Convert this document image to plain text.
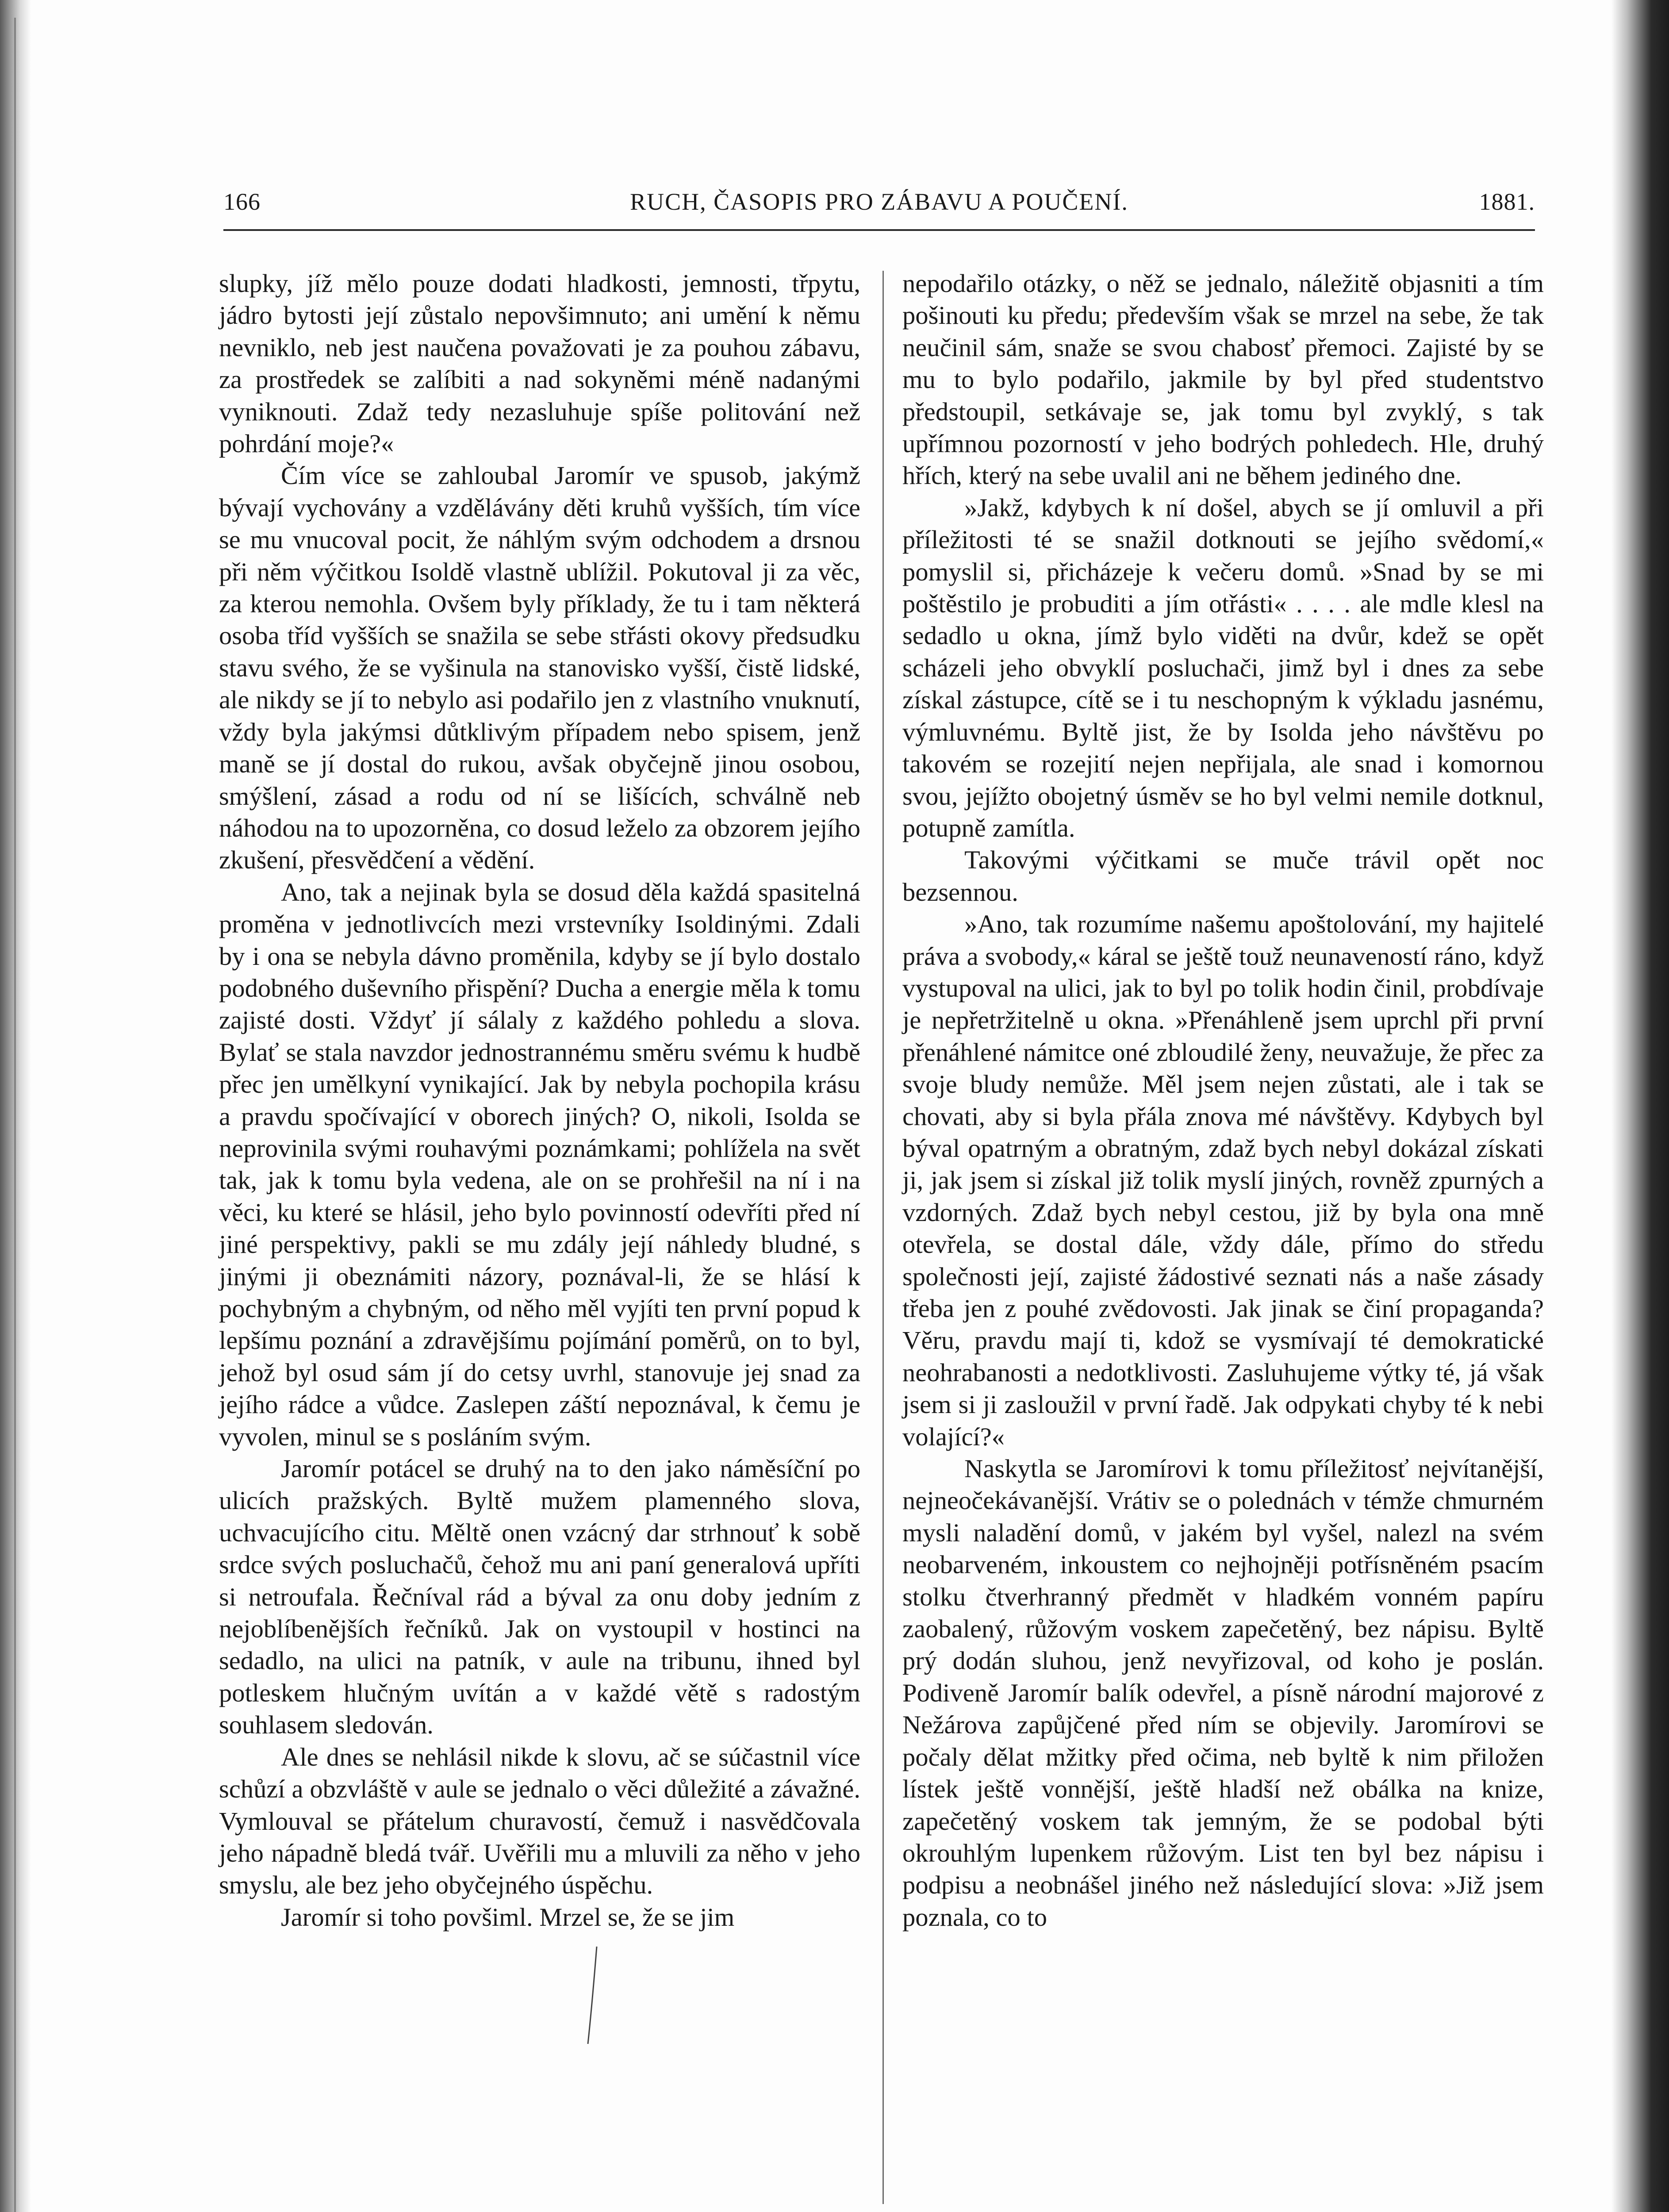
166	RUCH, ČASOPIS PRO ZÁBAVU A POUČENÍ.	1881.

slupky, jíž mělo pouze dodati hladkosti, jemnosti, třpytu, jádro bytosti její zůstalo nepovšimnuto; ani umění k němu nevniklo, neb jest naučena považovati je za pouhou zábavu, za prostředek se zalíbiti a nad sokyněmi méně nadanými vyniknouti. Zdaž tedy nezasluhuje spíše politování než pohrdání moje?«

Čím více se zahloubal Jaromír ve spusob, jakýmž bývají vychovány a vzdělávány děti kruhů vyšších, tím více se mu vnucoval pocit, že náhlým svým odchodem a drsnou při něm výčitkou Isoldě vlastně ublížil. Pokutoval ji za věc, za kterou nemohla. Ovšem byly příklady, že tu i tam některá osoba tříd vyšších se snažila se sebe střásti okovy předsudku stavu svého, že se vyšinula na stanovisko vyšší, čistě lidské, ale nikdy se jí to nebylo asi podařilo jen z vlastního vnuknutí, vždy byla jakýmsi důtklivým případem nebo spisem, jenž maně se jí dostal do rukou, avšak obyčejně jinou osobou, smýšlení, zásad a rodu od ní se lišících, schválně neb náhodou na to upozorněna, co dosud leželo za obzorem jejího zkušení, přesvědčení a vědění.

Ano, tak a nejinak byla se dosud děla každá spasitelná proměna v jednotlivcích mezi vrstevníky Isoldinými. Zdali by i ona se nebyla dávno proměnila, kdyby se jí bylo dostalo podobného duševního přispění? Ducha a energie měla k tomu zajisté dosti. Vždyť jí sálaly z každého pohledu a slova. Bylať se stala navzdor jednostrannému směru svému k hudbě přec jen umělkyní vynikající. Jak by nebyla pochopila krásu a pravdu spočívající v oborech jiných? O, nikoli, Isolda se neprovinila svými rouhavými poznámkami; pohlížela na svět tak, jak k tomu byla vedena, ale on se prohřešil na ní i na věci, ku které se hlásil, jeho bylo povinností odevříti před ní jiné perspektivy, pakli se mu zdály její náhledy bludné, s jinými ji obeznámiti názory, poznával-li, že se hlásí k pochybným a chybným, od něho měl vyjíti ten první popud k lepšímu poznání a zdravějšímu pojímání poměrů, on to byl, jehož byl osud sám jí do cetsy uvrhl, stanovuje jej snad za jejího rádce a vůdce. Zaslepen záští nepoznával, k čemu je vyvolen, minul se s posláním svým.

Jaromír potácel se druhý na to den jako náměsíční po ulicích pražských. Byltě mužem plamenného slova, uchvacujícího citu. Měltě onen vzácný dar strhnouť k sobě srdce svých posluchačů, čehož mu ani paní generalová upříti si netroufala. Řečníval rád a býval za onu doby jedním z nejoblíbenějších řečníků. Jak on vystoupil v hostinci na sedadlo, na ulici na patník, v aule na tribunu, ihned byl potleskem hlučným uvítán a v každé větě s radostým souhlasem sledován.

Ale dnes se nehlásil nikde k slovu, ač se súčastnil více schůzí a obzvláště v aule se jednalo o věci důležité a závažné. Vymlouval se přátelum churavostí, čemuž i nasvědčovala jeho nápadně bledá tvář. Uvěřili mu a mluvili za něho v jeho smyslu, ale bez jeho obyčejného úspěchu.

Jaromír si toho povšiml. Mrzel se, že se jim

nepodařilo otázky, o něž se jednalo, náležitě objasniti a tím pošinouti ku předu; především však se mrzel na sebe, že tak neučinil sám, snaže se svou chabosť přemoci. Zajisté by se mu to bylo podařilo, jakmile by byl před studentstvo předstoupil, setkávaje se, jak tomu byl zvyklý, s tak upřímnou pozorností v jeho bodrých pohledech. Hle, druhý hřích, který na sebe uvalil ani ne během jediného dne.

»Jakž, kdybych k ní došel, abych se jí omluvil a při příležitosti té se snažil dotknouti se jejího svědomí,« pomyslil si, přicházeje k večeru domů. »Snad by se mi poštěstilo je probuditi a jím otřásti« . . . . ale mdle klesl na sedadlo u okna, jímž bylo viděti na dvůr, kdež se opět scházeli jeho obvyklí posluchači, jimž byl i dnes za sebe získal zástupce, cítě se i tu neschopným k výkladu jasnému, výmluvnému. Byltě jist, že by Isolda jeho návštěvu po takovém se rozejití nejen nepřijala, ale snad i komornou svou, jejížto obojetný úsměv se ho byl velmi nemile dotknul, potupně zamítla.

Takovými výčitkami se muče trávil opět noc bezsennou.

»Ano, tak rozumíme našemu apoštolování, my hajitelé práva a svobody,« káral se ještě touž neunaveností ráno, když vystupoval na ulici, jak to byl po tolik hodin činil, probdívaje je nepřetržitelně u okna. »Přenáhleně jsem uprchl při první přenáhlené námitce oné zbloudilé ženy, neuvažuje, že přec za svoje bludy nemůže. Měl jsem nejen zůstati, ale i tak se chovati, aby si byla přála znova mé návštěvy. Kdybych byl býval opatrným a obratným, zdaž bych nebyl dokázal získati ji, jak jsem si získal již tolik myslí jiných, rovněž zpurných a vzdorných. Zdaž bych nebyl cestou, již by byla ona mně otevřela, se dostal dále, vždy dále, přímo do středu společnosti její, zajisté žádostivé seznati nás a naše zásady třeba jen z pouhé zvědovosti. Jak jinak se činí propaganda? Věru, pravdu mají ti, kdož se vysmívají té demokratické neohrabanosti a nedotklivosti. Zasluhujeme výtky té, já však jsem si ji zasloužil v první řadě. Jak odpykati chyby té k nebi volající?«

Naskytla se Jaromírovi k tomu příležitosť nejvítanější, nejneočekávanější. Vrátiv se o polednách v témže chmurném mysli naladění domů, v jakém byl vyšel, nalezl na svém neobarveném, inkoustem co nejhojněji potřísněném psacím stolku čtverhranný předmět v hladkém vonném papíru zaobalený, růžovým voskem zapečetěný, bez nápisu. Byltě prý dodán sluhou, jenž nevyřizoval, od koho je poslán. Podiveně Jaromír balík odevřel, a písně národní majorové z Nežárova zapůjčené před ním se objevily. Jaromírovi se počaly dělat mžitky před očima, neb byltě k nim přiložen lístek ještě vonnější, ještě hladší než obálka na knize, zapečetěný voskem tak jemným, že se podobal býti okrouhlým lupenkem růžovým. List ten byl bez nápisu i podpisu a neobnášel jiného než následující slova: »Již jsem poznala, co to
